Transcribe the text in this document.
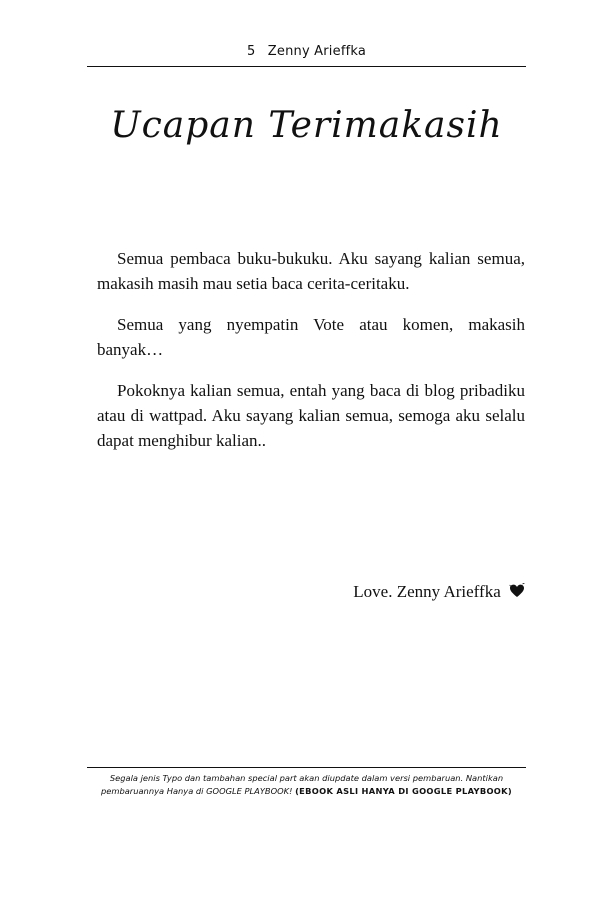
5 Zenny Arieffka
Ucapan Terimakasih

Semua pembaca buku-bukuku. Aku sayang kalian semua, makasih masih mau setia baca cerita-ceritaku.

Semua yang nyempatin Vote atau komen, makasih banyak…

Pokoknya kalian semua, entah yang baca di blog pribadiku atau di wattpad. Aku sayang kalian semua, semoga aku selalu dapat menghibur kalian..

Love. Zenny Arieffka
Segala jenis Typo dan tambahan special part akan diupdate dalam versi pembaruan. Nantikan pembaruannya Hanya di GOOGLE PLAYBOOK! (EBOOK ASLI HANYA DI GOOGLE PLAYBOOK)
